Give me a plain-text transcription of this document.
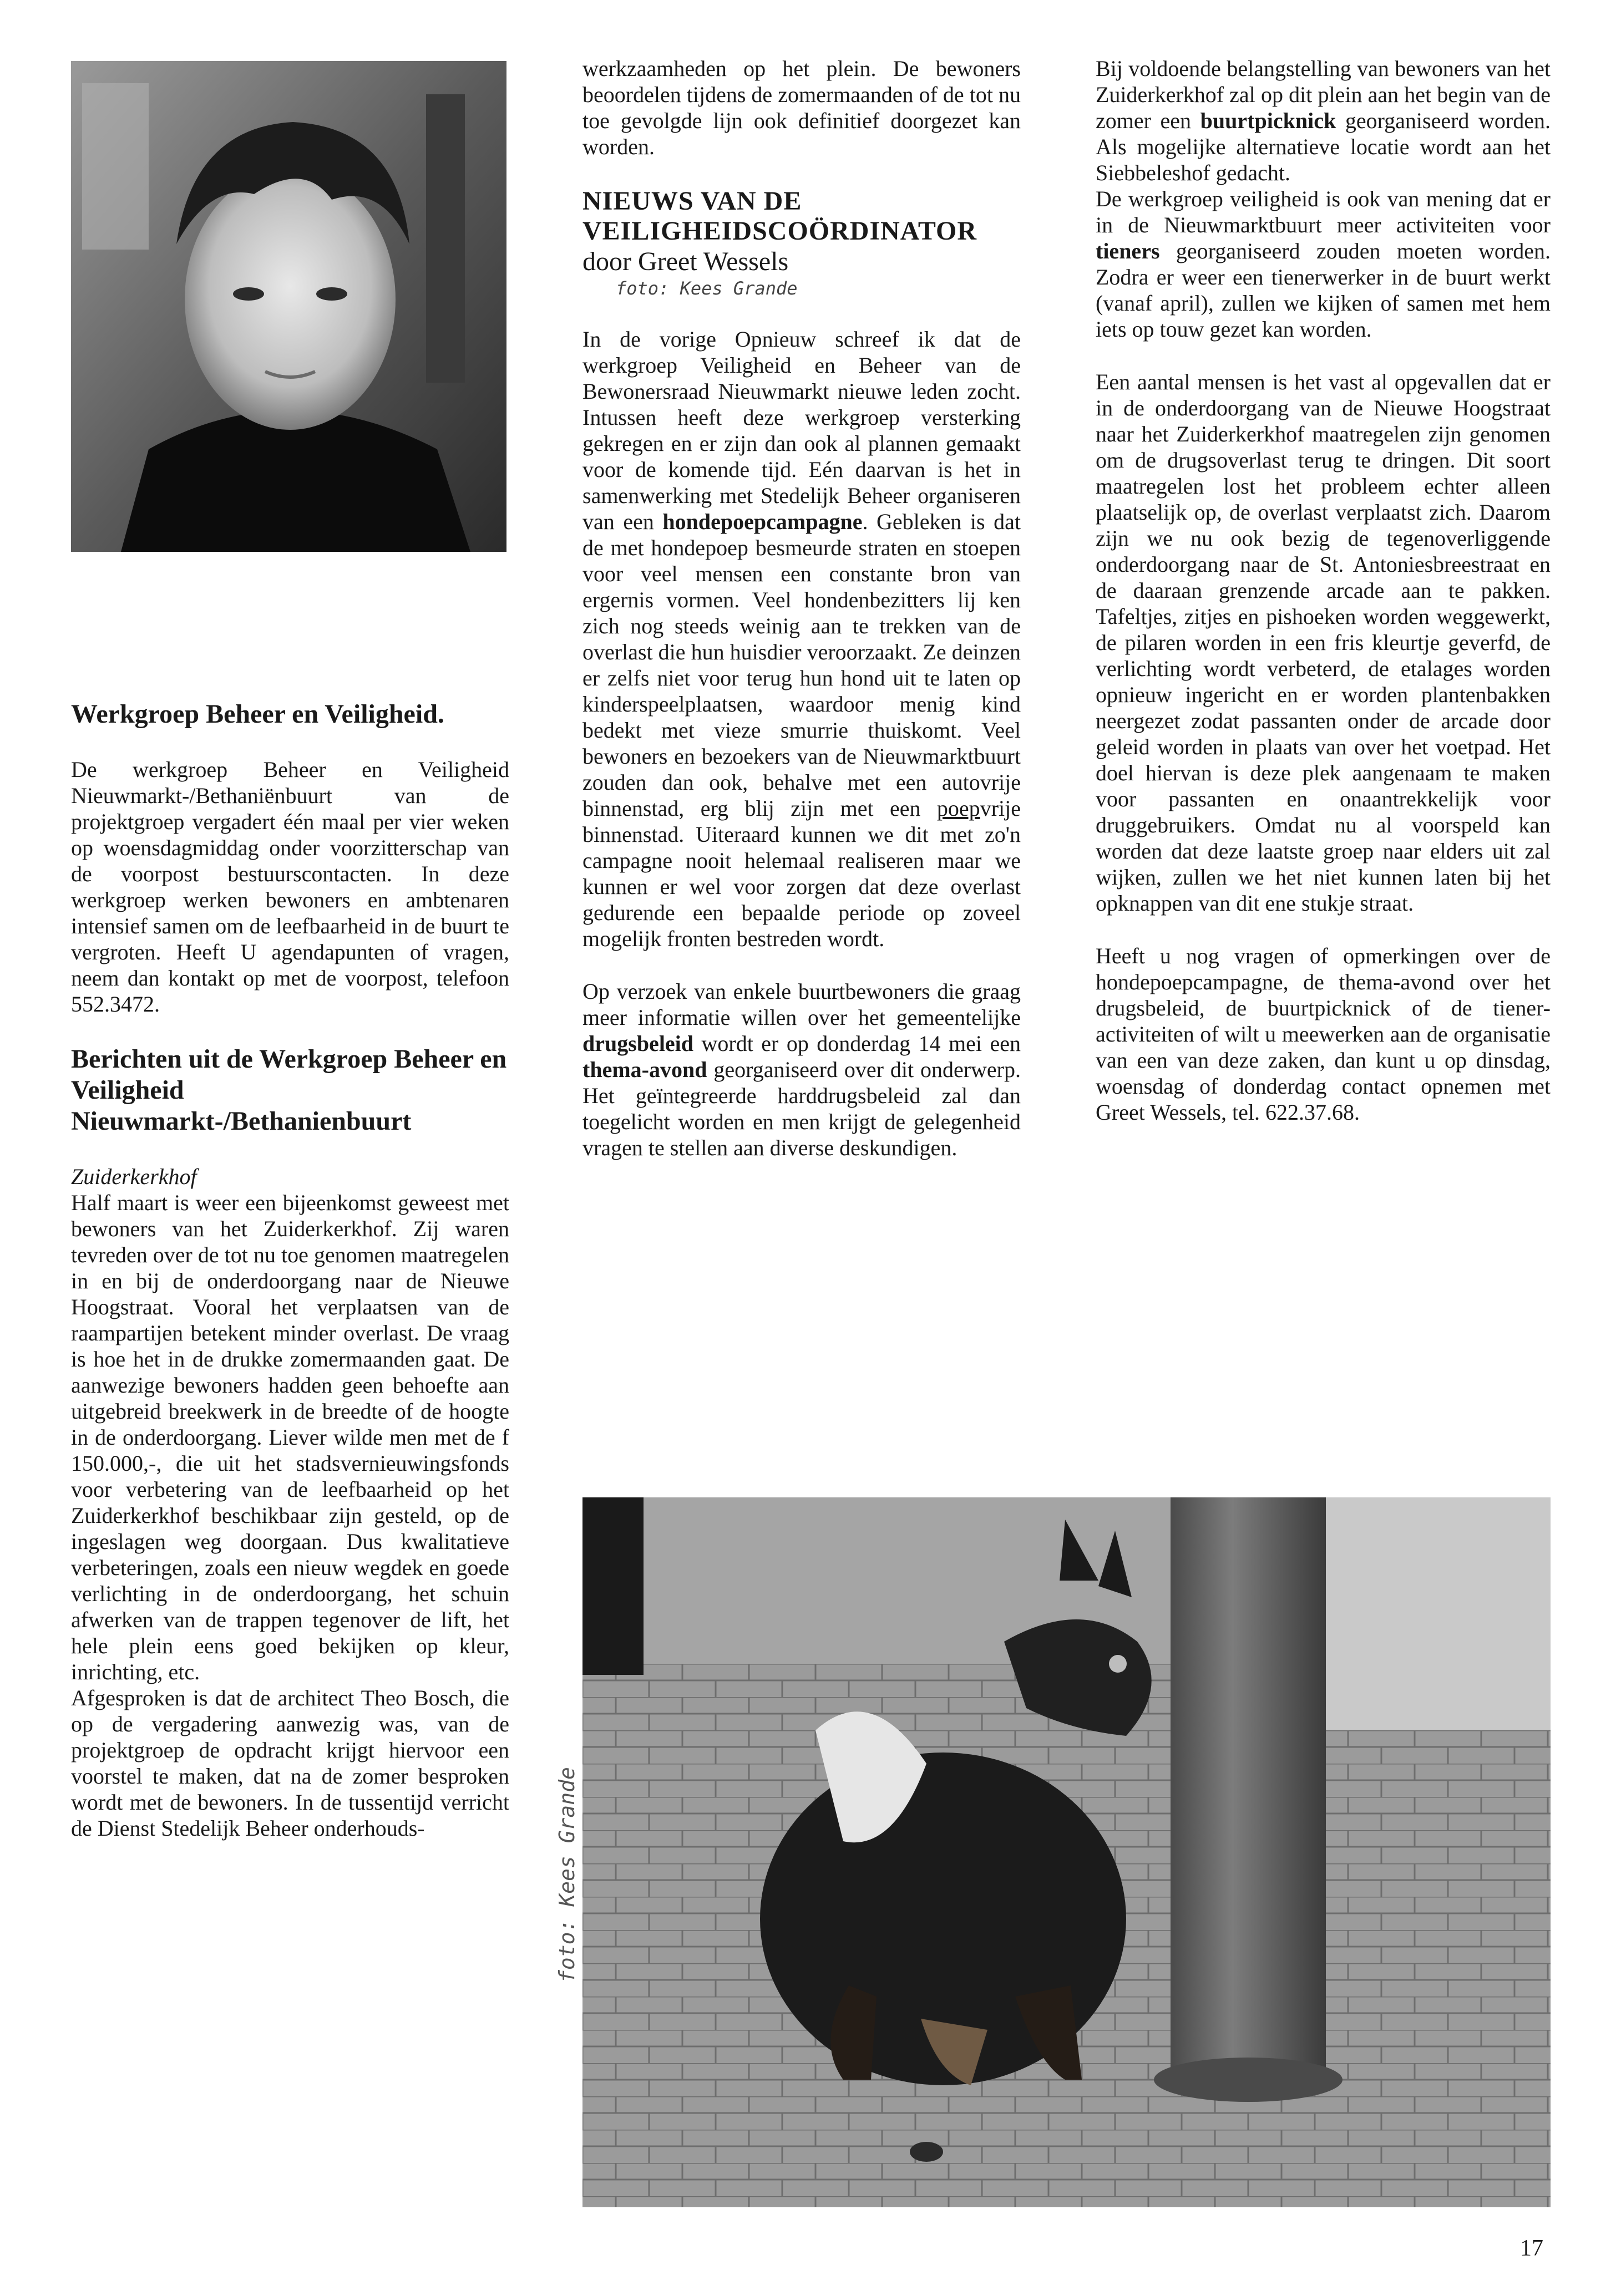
Werkgroep Beheer en Veiligheid.

De werkgroep Beheer en Veiligheid Nieuwmarkt-/Bethaniënbuurt van de projektgroep vergadert één maal per vier weken op woensdagmiddag onder voorzitterschap van de voorpost bestuurscontacten. In deze werkgroep werken bewoners en ambtenaren intensief samen om de leefbaarheid in de buurt te vergroten. Heeft U agendapunten of vragen, neem dan kontakt op met de voorpost, telefoon 552.3472.

Berichten uit de Werkgroep Beheer en Veiligheid Nieuwmarkt-/Bethanienbuurt

Zuiderkerkhof

Half maart is weer een bijeenkomst geweest met bewoners van het Zuiderkerkhof. Zij waren tevreden over de tot nu toe genomen maatregelen in en bij de onderdoorgang naar de Nieuwe Hoogstraat. Vooral het verplaatsen van de raampartijen betekent minder overlast. De vraag is hoe het in de drukke zomermaanden gaat. De aanwezige bewoners hadden geen behoefte aan uitgebreid breekwerk in de breedte of de hoogte in de onderdoorgang. Liever wilde men met de f 150.000,-, die uit het stadsvernieuwingsfonds voor verbetering van de leefbaarheid op het Zuiderkerkhof beschikbaar zijn gesteld, op de ingeslagen weg doorgaan. Dus kwalitatieve verbeteringen, zoals een nieuw wegdek en goede verlichting in de onderdoorgang, het schuin afwerken van de trappen tegenover de lift, het hele plein eens goed bekijken op kleur, inrichting, etc.

Afgesproken is dat de architect Theo Bosch, die op de vergadering aanwezig was, van de projektgroep de opdracht krijgt hiervoor een voorstel te maken, dat na de zomer besproken wordt met de bewoners. In de tussentijd verricht de Dienst Stedelijk Beheer onderhouds-

werkzaamheden op het plein. De bewoners beoordelen tijdens de zomermaanden of de tot nu toe gevolgde lijn ook definitief doorgezet kan worden.

NIEUWS VAN DE

VEILIGHEIDSCOÖRDINATOR

door Greet Wessels

foto: Kees Grande

In de vorige Opnieuw schreef ik dat de werkgroep Veiligheid en Beheer van de Bewonersraad Nieuwmarkt nieuwe leden zocht. Intussen heeft deze werkgroep versterking gekregen en er zijn dan ook al plannen gemaakt voor de komende tijd. Eén daarvan is het in samenwerking met Stedelijk Beheer organiseren van een hondepoepcampagne. Gebleken is dat de met hondepoep besmeurde straten en stoepen voor veel mensen een constante bron van ergernis vormen. Veel hondenbezitters lij ken zich nog steeds weinig aan te trekken van de overlast die hun huisdier veroorzaakt. Ze deinzen er zelfs niet voor terug hun hond uit te laten op kinderspeelplaatsen, waardoor menig kind bedekt met vieze smurrie thuiskomt. Veel bewoners en bezoekers van de Nieuwmarktbuurt zouden dan ook, behalve met een autovrije binnenstad, erg blij zijn met een poepvrije binnenstad. Uiteraard kunnen we dit met zo'n campagne nooit helemaal realiseren maar we kunnen er wel voor zorgen dat deze overlast gedurende een bepaalde periode op zoveel mogelijk fronten bestreden wordt.

Op verzoek van enkele buurtbewoners die graag meer informatie willen over het gemeentelijke drugsbeleid wordt er op donderdag 14 mei een thema-avond georganiseerd over dit onderwerp. Het geïntegreerde harddrugsbeleid zal dan toegelicht worden en men krijgt de gelegenheid vragen te stellen aan diverse deskundigen.

Bij voldoende belangstelling van bewoners van het Zuiderkerkhof zal op dit plein aan het begin van de zomer een buurtpicknick georganiseerd worden. Als mogelijke alternatieve locatie wordt aan het Siebbeleshof gedacht.

De werkgroep veiligheid is ook van mening dat er in de Nieuwmarktbuurt meer activiteiten voor tieners georganiseerd zouden moeten worden. Zodra er weer een tienerwerker in de buurt werkt (vanaf april), zullen we kijken of samen met hem iets op touw gezet kan worden.

Een aantal mensen is het vast al opgevallen dat er in de onderdoorgang van de Nieuwe Hoogstraat naar het Zuiderkerkhof maatregelen zijn genomen om de drugsoverlast terug te dringen. Dit soort maatregelen lost het probleem echter alleen plaatselijk op, de overlast verplaatst zich. Daarom zijn we nu ook bezig de tegenoverliggende onderdoorgang naar de St. Antoniesbreestraat en de daaraan grenzende arcade aan te pakken. Tafeltjes, zitjes en pishoeken worden weggewerkt, de pilaren worden in een fris kleurtje geverfd, de verlichting wordt verbeterd, de etalages worden opnieuw ingericht en er worden plantenbakken neergezet zodat passanten onder de arcade door geleid worden in plaats van over het voetpad. Het doel hiervan is deze plek aangenaam te maken voor passanten en onaantrekkelijk voor druggebruikers. Omdat nu al voorspeld kan worden dat deze laatste groep naar elders uit zal wijken, zullen we het niet kunnen laten bij het opknappen van dit ene stukje straat.

Heeft u nog vragen of opmerkingen over de hondepoepcampagne, de thema-avond over het drugsbeleid, de buurtpicknick of de tiener-activiteiten of wilt u meewerken aan de organisatie van een van deze zaken, dan kunt u op dinsdag, woensdag of donderdag contact opnemen met Greet Wessels, tel. 622.37.68.

foto: Kees Grande
17
